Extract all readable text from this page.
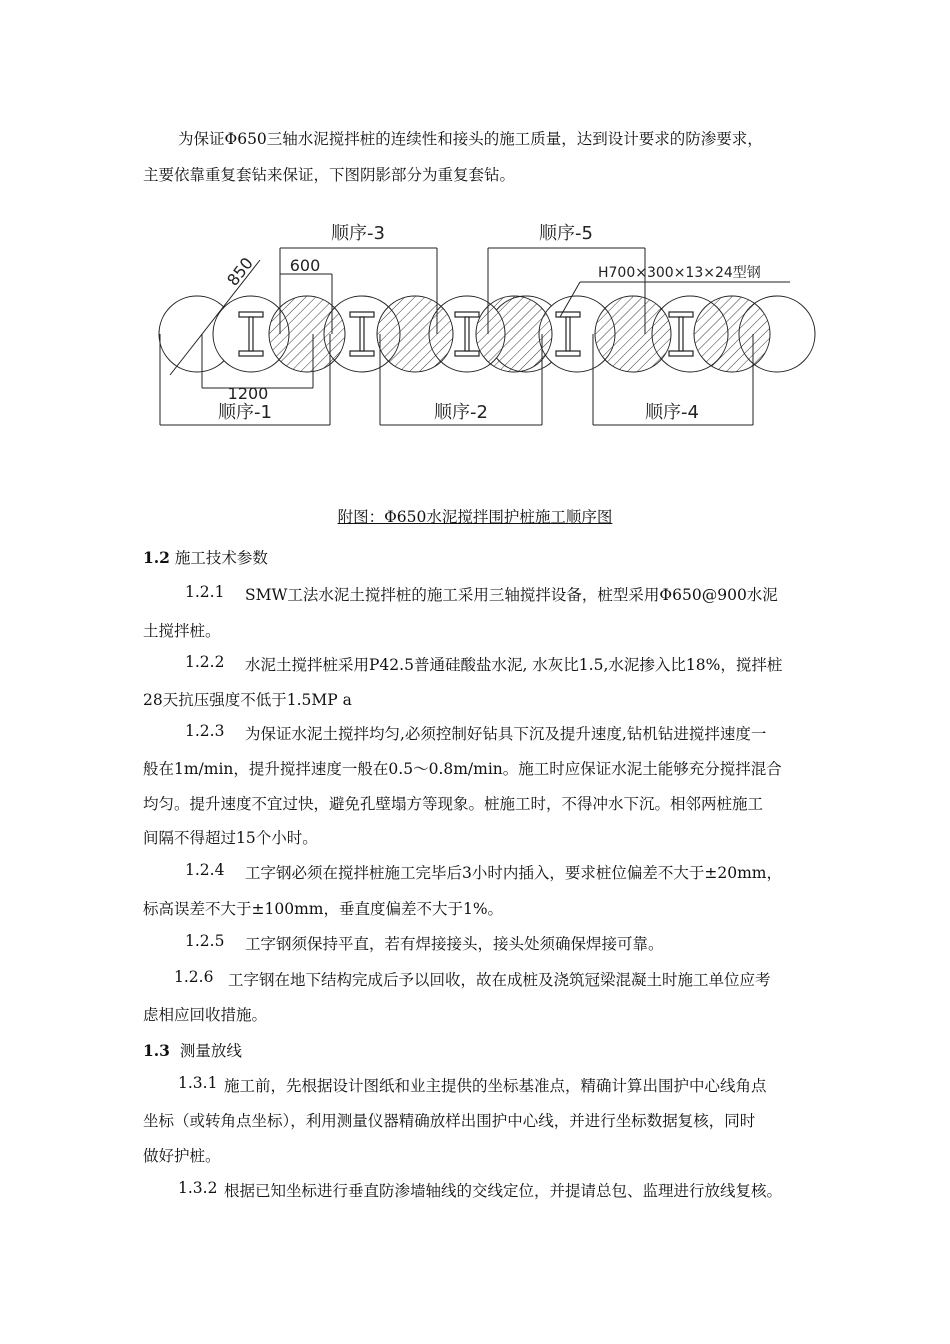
为保证Φ650三轴水泥搅拌桩的连续性和接头的施工质量，达到设计要求的防渗要求，
主要依靠重复套钻来保证，下图阴影部分为重复套钻。
顺序-3	顺序-5
600
850
1200
顺序-1	顺序-2	顺序-4
H700×300×13×24型钢
附图：Φ650水泥搅拌围护桩施工顺序图
1.2 施工技术参数
1.2.1 SMW工法水泥土搅拌桩的施工采用三轴搅拌设备，桩型采用Φ650@900水泥
土搅拌桩。
1.2.2 水泥土搅拌桩采用P42.5普通硅酸盐水泥, 水灰比1.5,水泥掺入比18%，搅拌桩
28天抗压强度不低于1.5MP a
1.2.3 为保证水泥土搅拌均匀,必须控制好钻具下沉及提升速度,钻机钻进搅拌速度一
般在1m/min，提升搅拌速度一般在0.5～0.8m/min。施工时应保证水泥土能够充分搅拌混合
均匀。提升速度不宜过快，避免孔壁塌方等现象。桩施工时，不得冲水下沉。相邻两桩施工
间隔不得超过15个小时。
1.2.4 工字钢必须在搅拌桩施工完毕后3小时内插入，要求桩位偏差不大于±20mm，
标高误差不大于±100mm，垂直度偏差不大于1%。
1.2.5 工字钢须保持平直，若有焊接接头，接头处须确保焊接可靠。
1.2.6 工字钢在地下结构完成后予以回收，故在成桩及浇筑冠梁混凝土时施工单位应考
虑相应回收措施。
1.3 测量放线
1.3.1 施工前，先根据设计图纸和业主提供的坐标基准点，精确计算出围护中心线角点
坐标（或转角点坐标），利用测量仪器精确放样出围护中心线，并进行坐标数据复核，同时
做好护桩。
1.3.2 根据已知坐标进行垂直防渗墙轴线的交线定位，并提请总包、监理进行放线复核。
